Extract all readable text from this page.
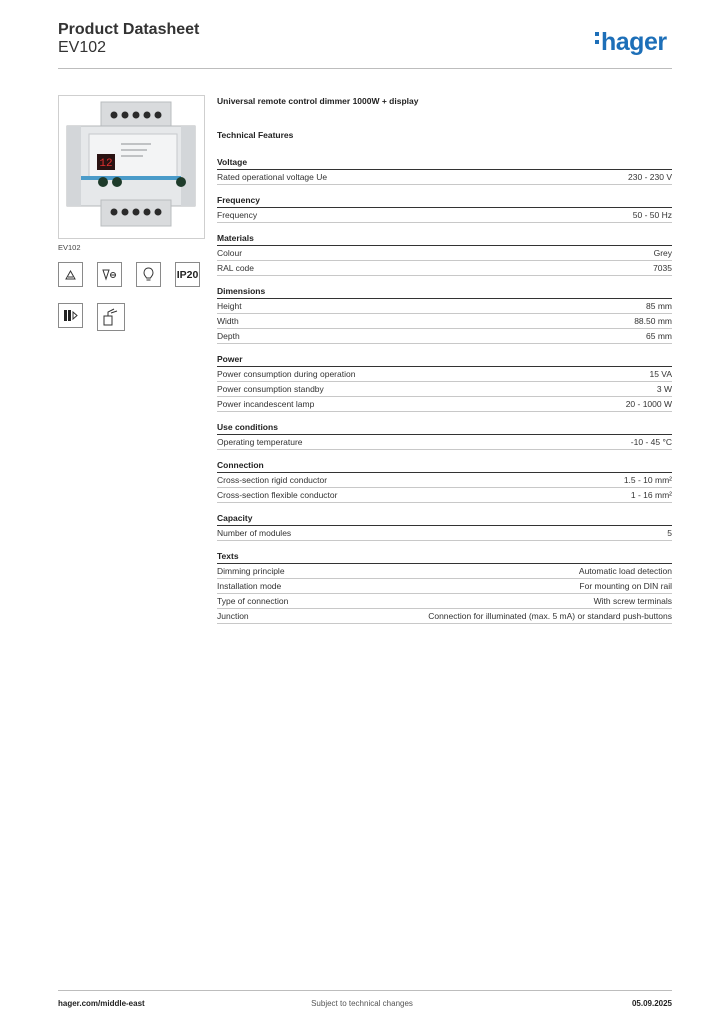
Product Datasheet
EV102	hager
12
EV102
IP20
Universal remote control dimmer 1000W + display
Technical Features
Voltage
Rated operational voltage Ue	230 - 230 V
Frequency
Frequency	50 - 50 Hz
Materials
Colour	Grey
RAL code	7035
Dimensions
Height	85 mm
Width	88.50 mm
Depth	65 mm
Power
Power consumption during operation	15 VA
Power consumption standby	3 W
Power incandescent lamp	20 - 1000 W
Use conditions
Operating temperature	-10 - 45 °C
Connection
Cross-section rigid conductor	1.5 - 10 mm²
Cross-section flexible conductor	1 - 16 mm²
Capacity
Number of modules	5
Texts
Dimming principle	Automatic load detection
Installation mode	For mounting on DIN rail
Type of connection	With screw terminals
Junction	Connection for illuminated (max. 5 mA) or standard push-buttons
hager.com/middle-east	Subject to technical changes	05.09.2025
